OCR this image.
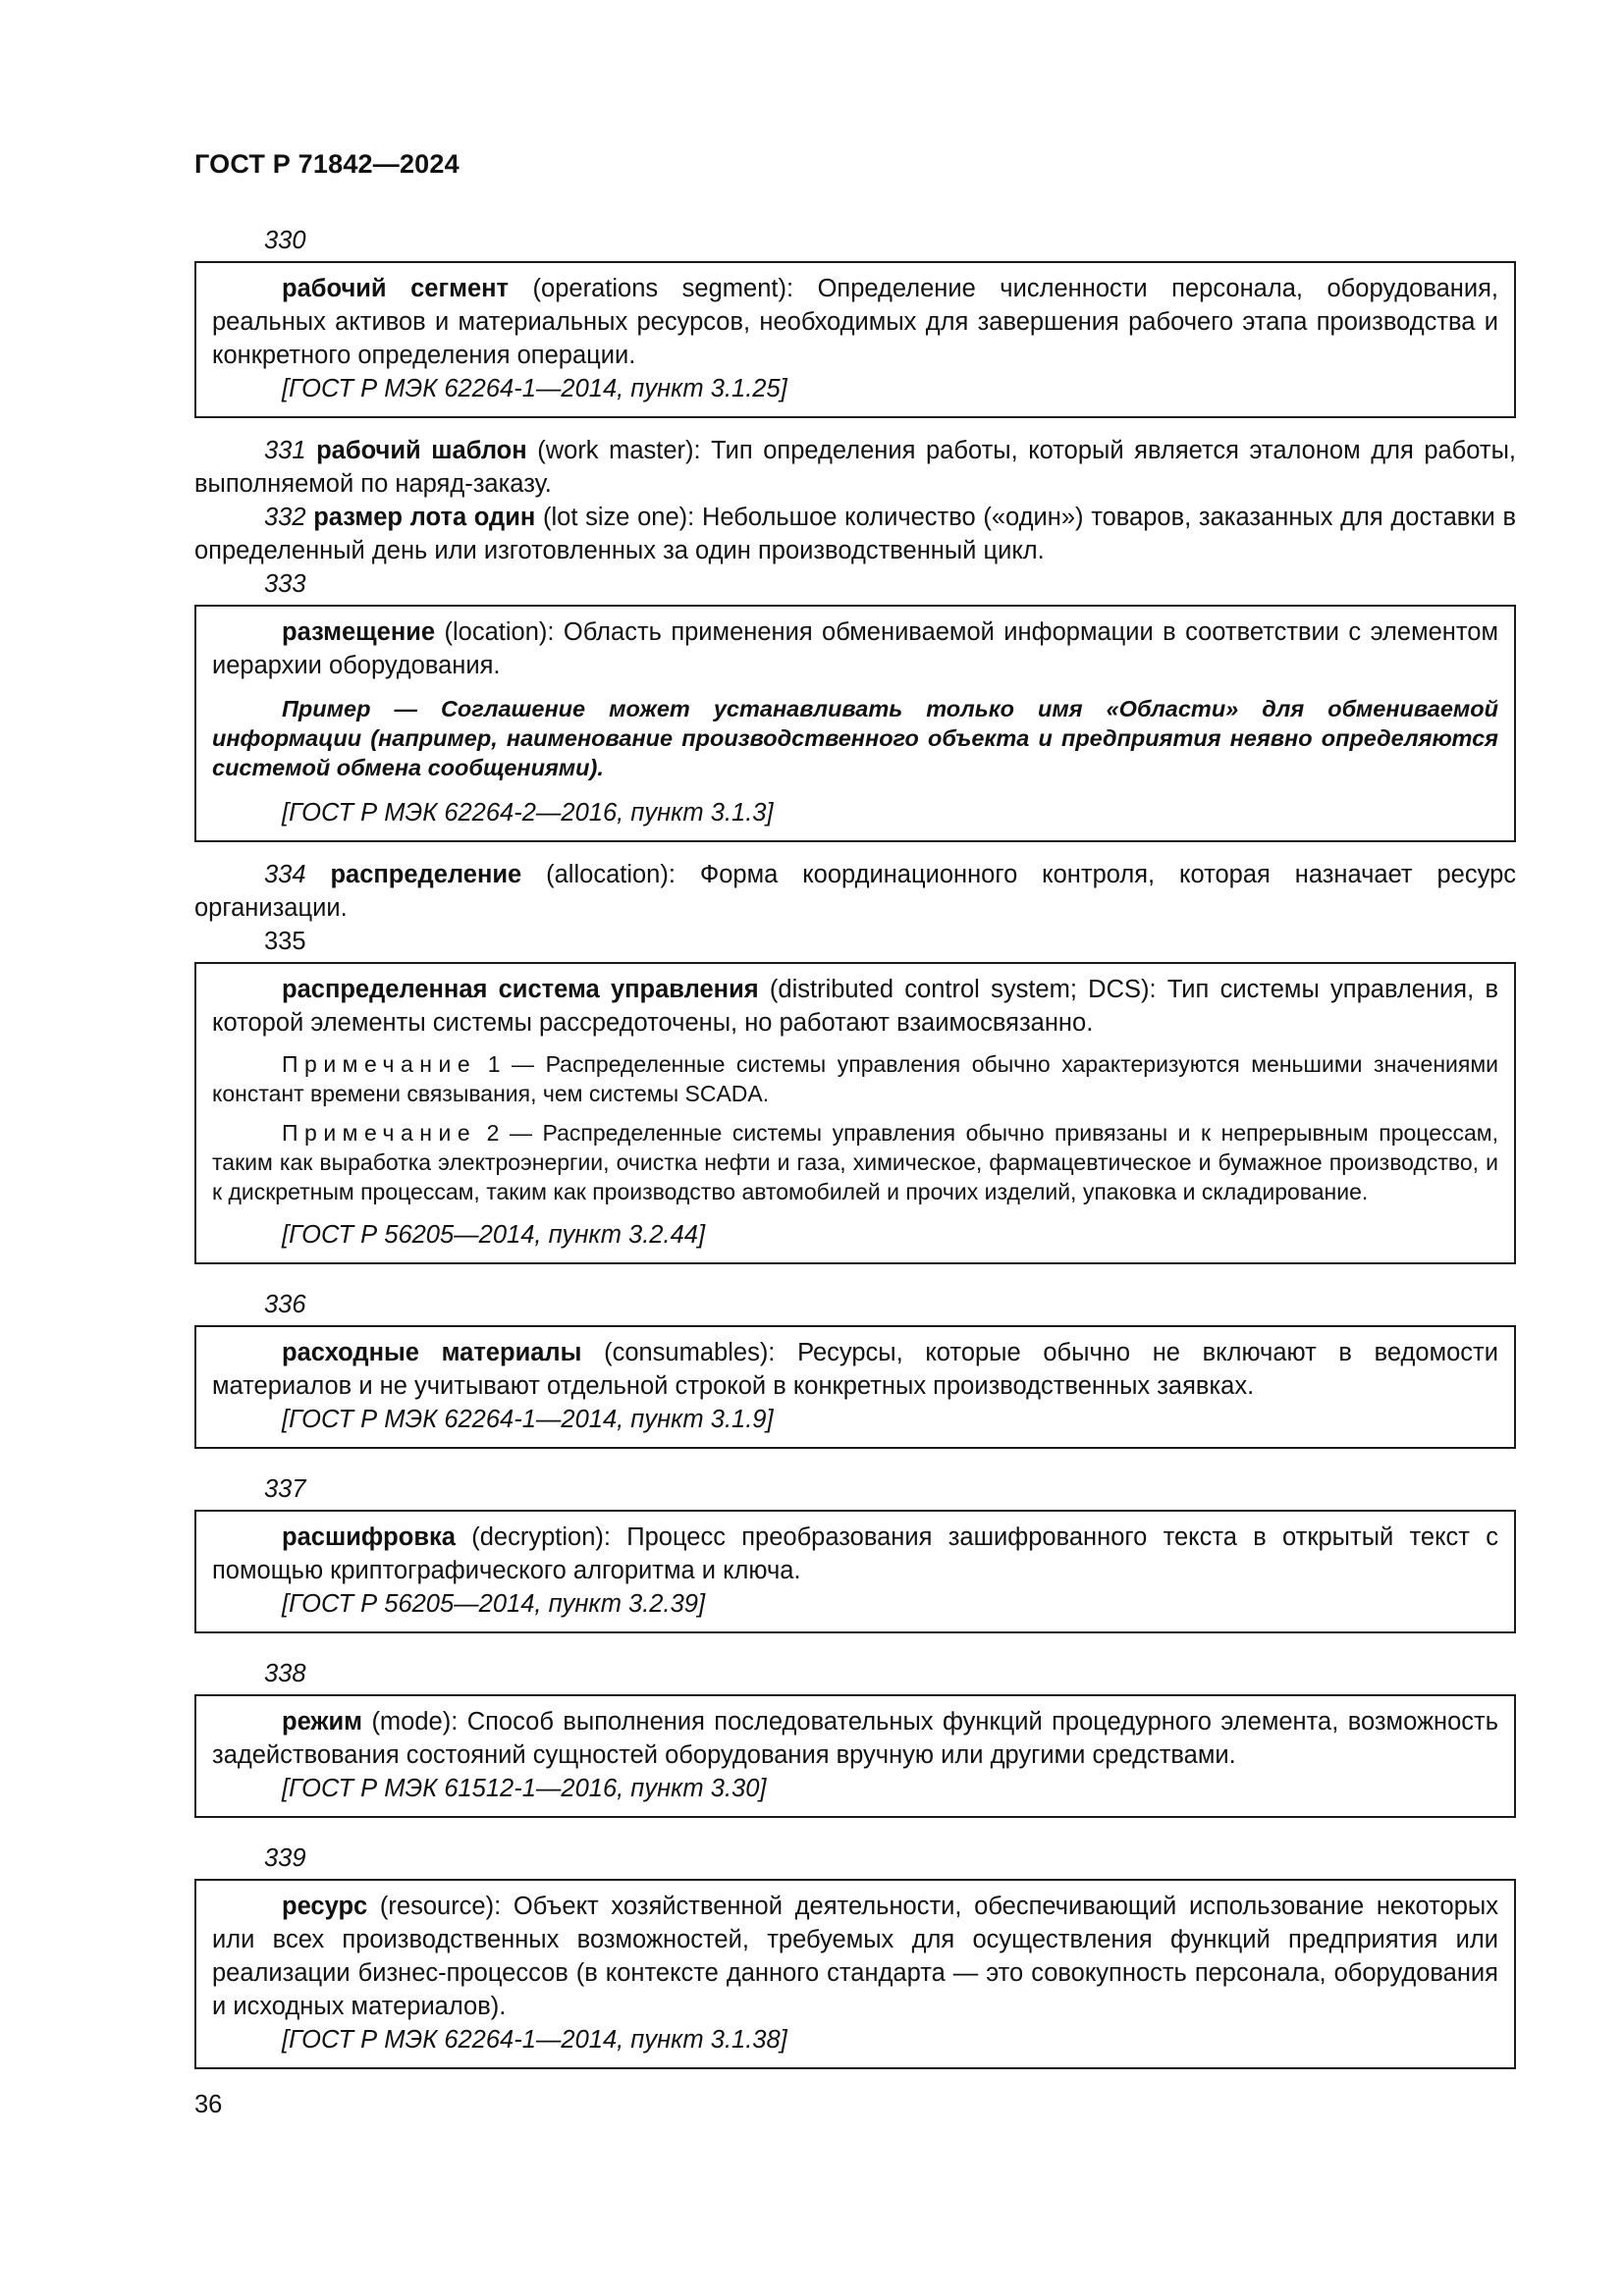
ГОСТ Р 71842—2024
330

рабочий сегмент (operations segment): Определение численности персонала, оборудования, реальных активов и материальных ресурсов, необходимых для завершения рабочего этапа производства и конкретного определения операции.

[ГОСТ Р МЭК 62264-1—2014, пункт 3.1.25]

331 рабочий шаблон (work master): Тип определения работы, который является эталоном для работы, выполняемой по наряд-заказу.

332 размер лота один (lot size one): Небольшое количество («один») товаров, заказанных для доставки в определенный день или изготовленных за один производственный цикл.

333

размещение (location): Область применения обмениваемой информации в соответствии с элементом иерархии оборудования.

Пример — Соглашение может устанавливать только имя «Области» для обмениваемой информации (например, наименование производственного объекта и предприятия неявно определяются системой обмена сообщениями).

[ГОСТ Р МЭК 62264-2—2016, пункт 3.1.3]

334 распределение (allocation): Форма координационного контроля, которая назначает ресурс организации.

335

распределенная система управления (distributed control system; DCS): Тип системы управления, в которой элементы системы рассредоточены, но работают взаимосвязанно.

Примечание 1 — Распределенные системы управления обычно характеризуются меньшими значениями констант времени связывания, чем системы SCADA.

Примечание 2 — Распределенные системы управления обычно привязаны и к непрерывным процессам, таким как выработка электроэнергии, очистка нефти и газа, химическое, фармацевтическое и бумажное производство, и к дискретным процессам, таким как производство автомобилей и прочих изделий, упаковка и складирование.

[ГОСТ Р 56205—2014, пункт 3.2.44]
336

расходные материалы (consumables): Ресурсы, которые обычно не включают в ведомости материалов и не учитывают отдельной строкой в конкретных производственных заявках.

[ГОСТ Р МЭК 62264-1—2014, пункт 3.1.9]
337

расшифровка (decryption): Процесс преобразования зашифрованного текста в открытый текст с помощью криптографического алгоритма и ключа.

[ГОСТ Р 56205—2014, пункт 3.2.39]
338

режим (mode): Способ выполнения последовательных функций процедурного элемента, возможность задействования состояний сущностей оборудования вручную или другими средствами.

[ГОСТ Р МЭК 61512-1—2016, пункт 3.30]
339

ресурс (resource): Объект хозяйственной деятельности, обеспечивающий использование некоторых или всех производственных возможностей, требуемых для осуществления функций предприятия или реализации бизнес-процессов (в контексте данного стандарта — это совокупность персонала, оборудования и исходных материалов).

[ГОСТ Р МЭК 62264-1—2014, пункт 3.1.38]
36
